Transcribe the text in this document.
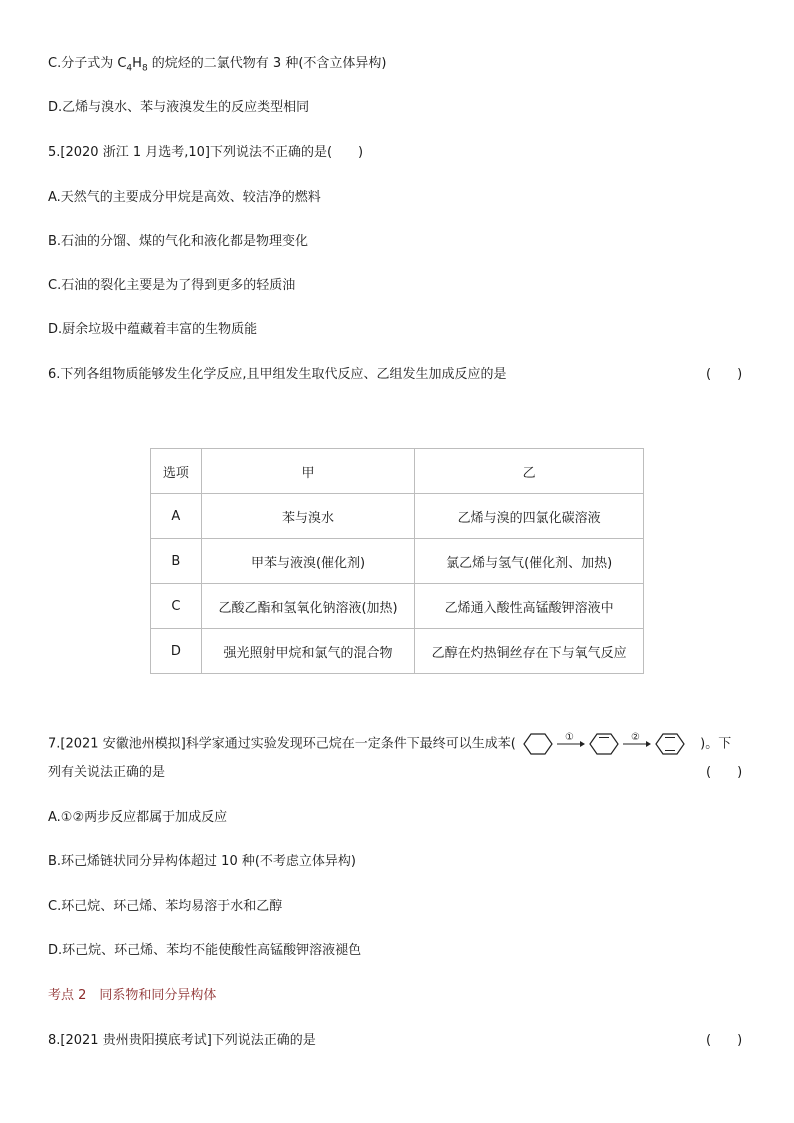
C.分子式为 $C_4H_8$ 的烷烃的二氯代物有 3 种(不含立体异构)
D.乙烯与溴水、苯与液溴发生的反应类型相同
5.[2020 浙江 1 月选考,10]下列说法不正确的是(　　)
A.天然气的主要成分甲烷是高效、较洁净的燃料
B.石油的分馏、煤的气化和液化都是物理变化
C.石油的裂化主要是为了得到更多的轻质油
D.厨余垃圾中蕴藏着丰富的生物质能
6.下列各组物质能够发生化学反应,且甲组发生取代反应、乙组发生加成反应的是	(　　)
选项	甲	乙
A	苯与溴水	乙烯与溴的四氯化碳溶液
B	甲苯与液溴(催化剂)	氯乙烯与氢气(催化剂、加热)
C	乙酸乙酯和氢氧化钠溶液(加热)	乙烯通入酸性高锰酸钾溶液中
D	强光照射甲烷和氯气的混合物	乙醇在灼热铜丝存在下与氧气反应
7.[2021 安徽池州模拟]科学家通过实验发现环己烷在一定条件下最终可以生成苯(	①	②	)。下
列有关说法正确的是	(　　)
A.①②两步反应都属于加成反应
B.环己烯链状同分异构体超过 10 种(不考虑立体异构)
C.环己烷、环己烯、苯均易溶于水和乙醇
D.环己烷、环己烯、苯均不能使酸性高锰酸钾溶液褪色
考点 2　同系物和同分异构体
8.[2021 贵州贵阳摸底考试]下列说法正确的是	(　　)
